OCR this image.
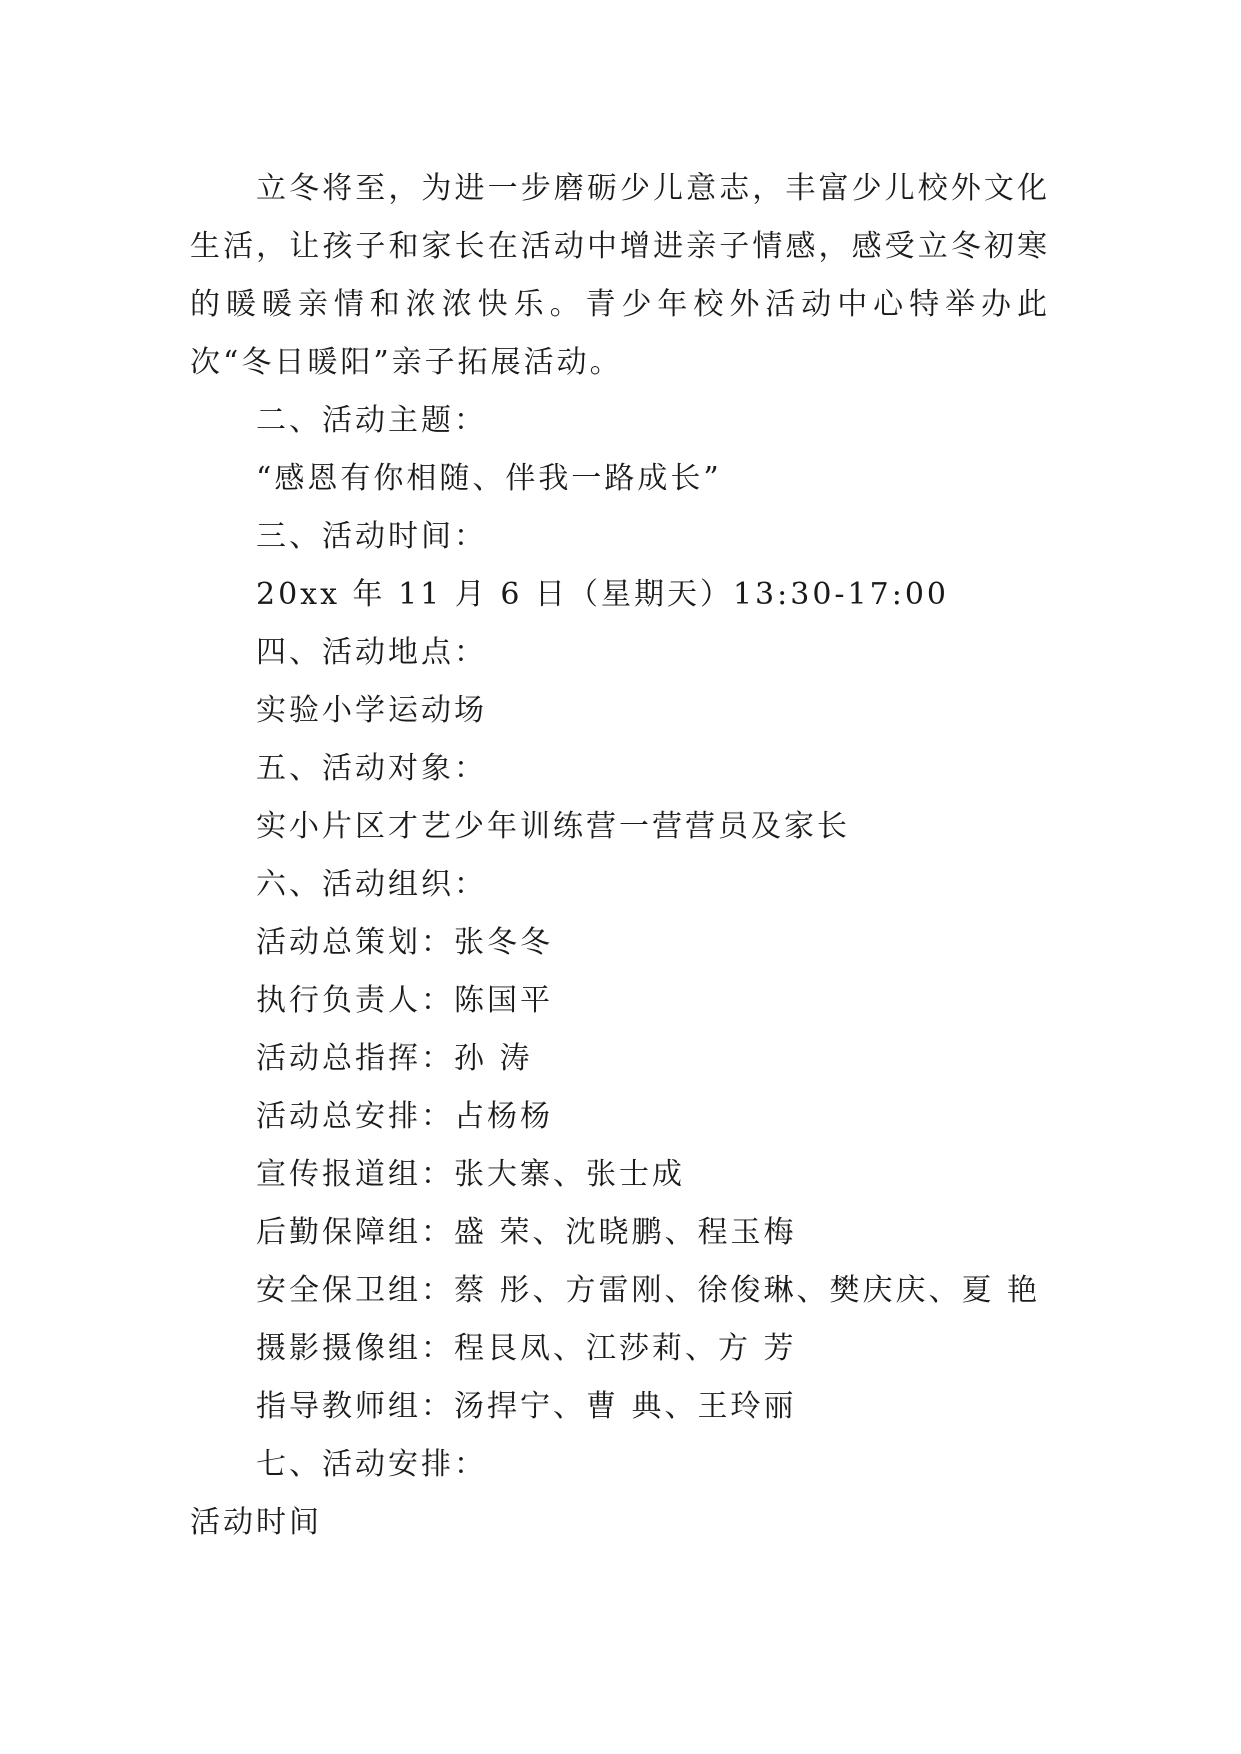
立冬将至，为进一步磨砺少儿意志，丰富少儿校外文化生活，让孩子和家长在活动中增进亲子情感，感受立冬初寒的暖暖亲情和浓浓快乐。青少年校外活动中心特举办此次“冬日暖阳”亲子拓展活动。

二、活动主题：

“感恩有你相随、伴我一路成长”

三、活动时间：

20xx 年 11 月 6 日（星期天）13:30-17:00

四、活动地点：

实验小学运动场

五、活动对象：

实小片区才艺少年训练营一营营员及家长

六、活动组织：

活动总策划：张冬冬

执行负责人：陈国平

活动总指挥：孙 涛

活动总安排：占杨杨

宣传报道组：张大寨、张士成

后勤保障组：盛 荣、沈晓鹏、程玉梅

安全保卫组：蔡 彤、方雷刚、徐俊琳、樊庆庆、夏 艳

摄影摄像组：程艮凤、江莎莉、方 芳

指导教师组：汤捍宁、曹 典、王玲丽

七、活动安排：

活动时间
